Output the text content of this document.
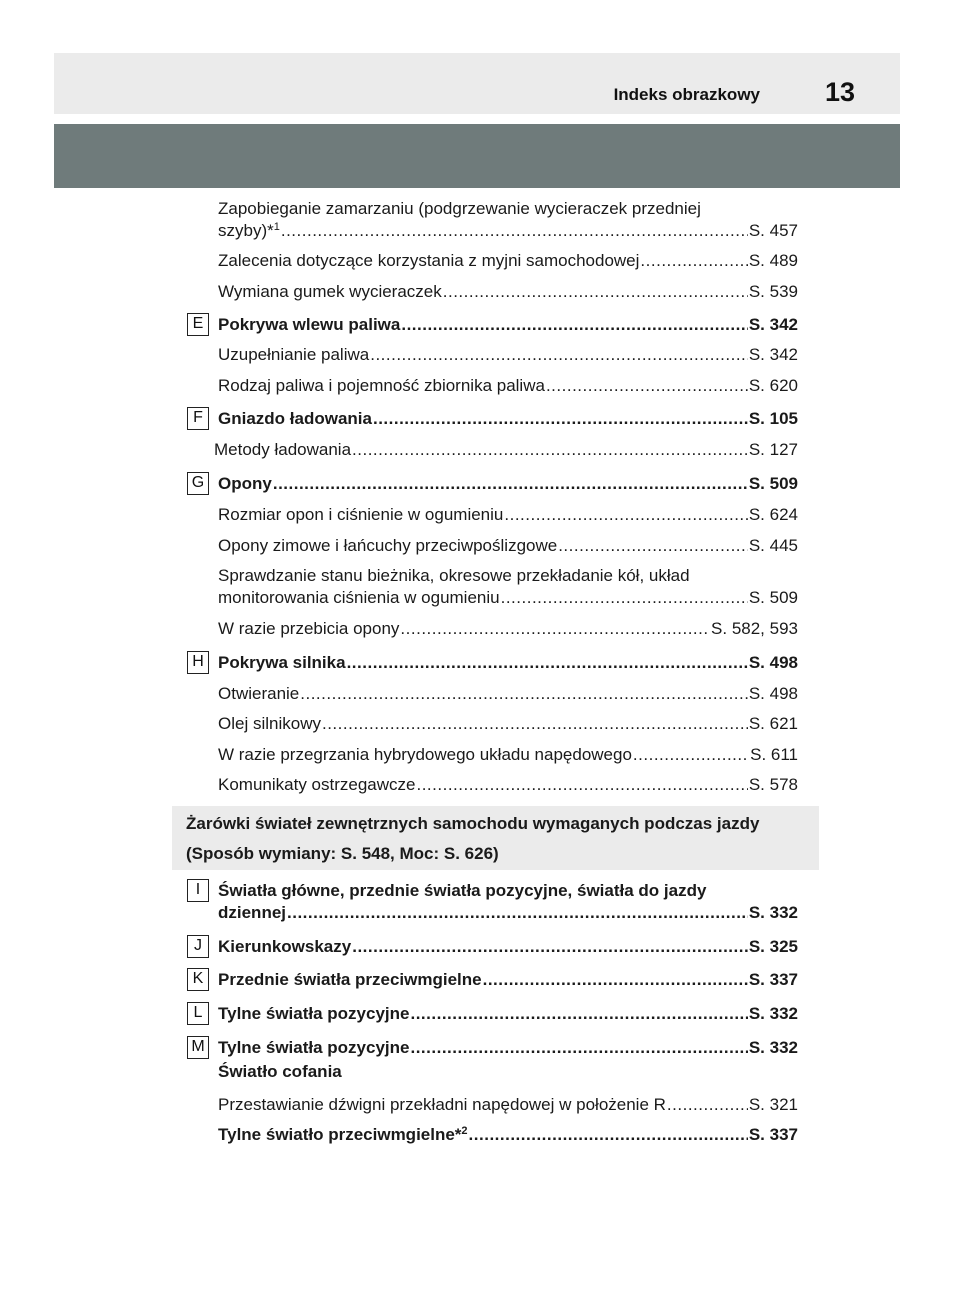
Indeks obrazkowy	13
Zapobieganie zamarzaniu (podgrzewanie wycieraczek przedniej
szyby)*$^1$ .....	S. 457
Zalecenia dotyczące korzystania z myjni samochodowej .....	S. 489
Wymiana gumek wycieraczek .....	S. 539
E Pokrywa wlewu paliwa .....	S. 342
Uzupełnianie paliwa .....	S. 342
Rodzaj paliwa i pojemność zbiornika paliwa .....	S. 620
F Gniazdo ładowania .....	S. 105
Metody ładowania .....	S. 127
G Opony .....	S. 509
Rozmiar opon i ciśnienie w ogumieniu .....	S. 624
Opony zimowe i łańcuchy przeciwpoślizgowe .....	S. 445
Sprawdzanie stanu bieżnika, okresowe przekładanie kół, układ
monitorowania ciśnienia w ogumieniu .....	S. 509
W razie przebicia opony .....	S. 582, 593
H Pokrywa silnika .....	S. 498
Otwieranie .....	S. 498
Olej silnikowy .....	S. 621
W razie przegrzania hybrydowego układu napędowego .....	S. 611
Komunikaty ostrzegawcze .....	S. 578
Żarówki świateł zewnętrznych samochodu wymaganych podczas jazdy
(Sposób wymiany: S. 548, Moc: S. 626)
I	Światła główne, przednie światła pozycyjne, światła do jazdy
dziennej .....	S. 332
J Kierunkowskazy .....	S. 325
K Przednie światła przeciwmgielne .....	S. 337
L Tylne światła pozycyjne .....	S. 332
M Tylne światła pozycyjne .....	S. 332
Światło cofania
Przestawianie dźwigni przekładni napędowej w położenie R .....	S. 321
Tylne światło przeciwmgielne*$^2$ .....	S. 337
